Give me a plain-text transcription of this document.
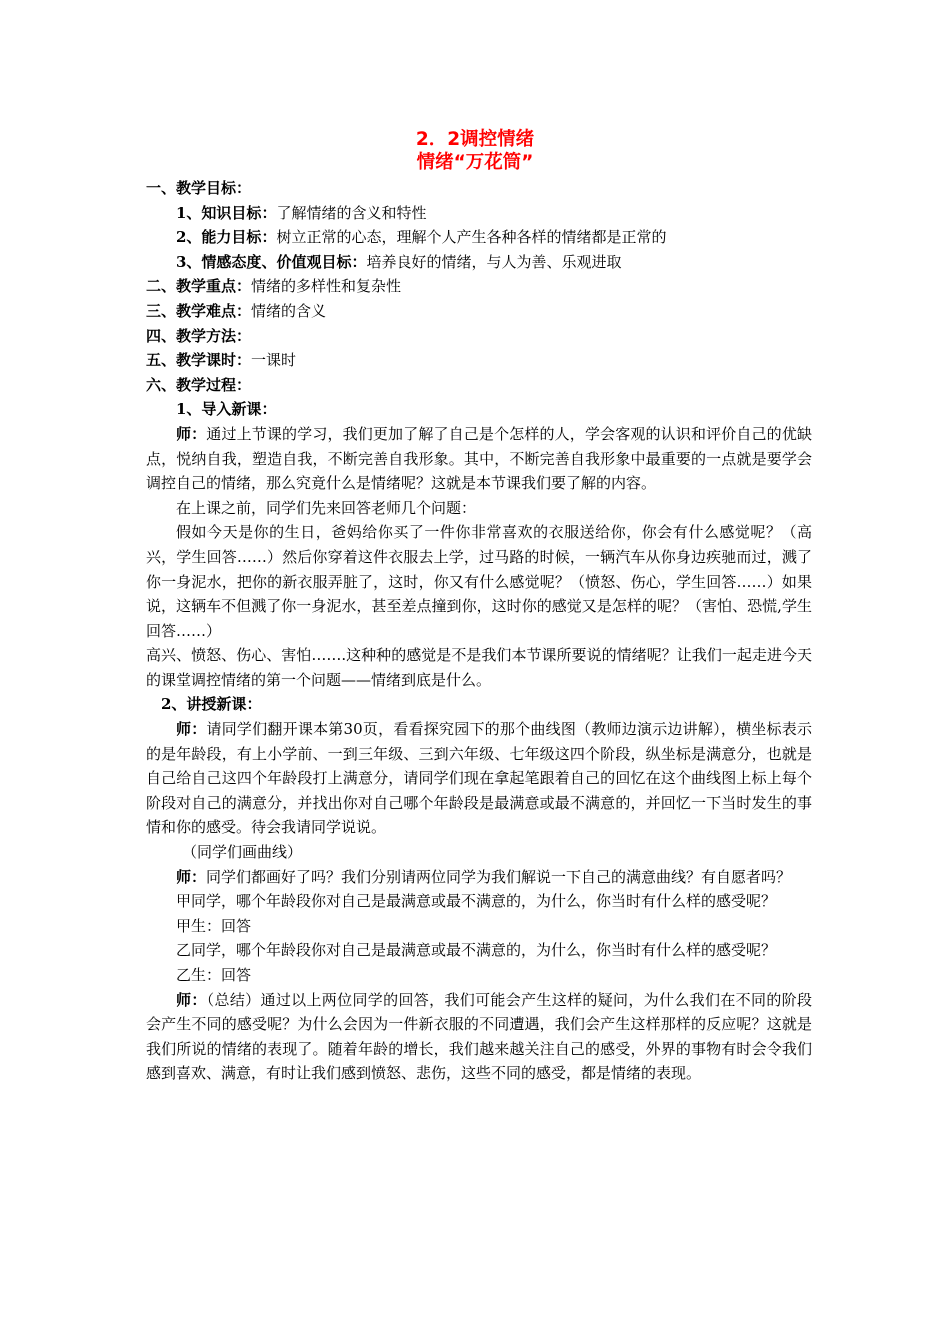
2．2调控情绪
情绪“万花筒”

一、教学目标：

1、知识目标：了解情绪的含义和特性

2、能力目标：树立正常的心态，理解个人产生各种各样的情绪都是正常的

3、情感态度、价值观目标：培养良好的情绪，与人为善、乐观进取

二、教学重点：情绪的多样性和复杂性

三、教学难点：情绪的含义

四、教学方法：

五、教学课时：一课时

六、教学过程：

1、导入新课：

师：通过上节课的学习，我们更加了解了自己是个怎样的人，学会客观的认识和评价自己的优缺点，悦纳自我，塑造自我，不断完善自我形象。其中，不断完善自我形象中最重要的一点就是要学会调控自己的情绪，那么究竟什么是情绪呢？这就是本节课我们要了解的内容。

在上课之前，同学们先来回答老师几个问题：

假如今天是你的生日，爸妈给你买了一件你非常喜欢的衣服送给你，你会有什么感觉呢？（高兴，学生回答……）然后你穿着这件衣服去上学，过马路的时候，一辆汽车从你身边疾驰而过，溅了你一身泥水，把你的新衣服弄脏了，这时，你又有什么感觉呢？（愤怒、伤心，学生回答……）如果说，这辆车不但溅了你一身泥水，甚至差点撞到你，这时你的感觉又是怎样的呢？（害怕、恐慌,学生回答……）

高兴、愤怒、伤心、害怕…….这种种的感觉是不是我们本节课所要说的情绪呢？让我们一起走进今天的课堂调控情绪的第一个问题——情绪到底是什么。

2、讲授新课：

师：请同学们翻开课本第30页，看看探究园下的那个曲线图（教师边演示边讲解），横坐标表示的是年龄段，有上小学前、一到三年级、三到六年级、七年级这四个阶段，纵坐标是满意分，也就是自己给自己这四个年龄段打上满意分，请同学们现在拿起笔跟着自己的回忆在这个曲线图上标上每个阶段对自己的满意分，并找出你对自己哪个年龄段是最满意或最不满意的，并回忆一下当时发生的事情和你的感受。待会我请同学说说。

（同学们画曲线）

师：同学们都画好了吗？我们分别请两位同学为我们解说一下自己的满意曲线？有自愿者吗？

甲同学，哪个年龄段你对自己是最满意或最不满意的，为什么，你当时有什么样的感受呢？

甲生：回答

乙同学，哪个年龄段你对自己是最满意或最不满意的，为什么，你当时有什么样的感受呢？

乙生：回答

师：（总结）通过以上两位同学的回答，我们可能会产生这样的疑问，为什么我们在不同的阶段会产生不同的感受呢？为什么会因为一件新衣服的不同遭遇，我们会产生这样那样的反应呢？这就是我们所说的情绪的表现了。随着年龄的增长，我们越来越关注自己的感受，外界的事物有时会令我们感到喜欢、满意，有时让我们感到愤怒、悲伤，这些不同的感受，都是情绪的表现。
